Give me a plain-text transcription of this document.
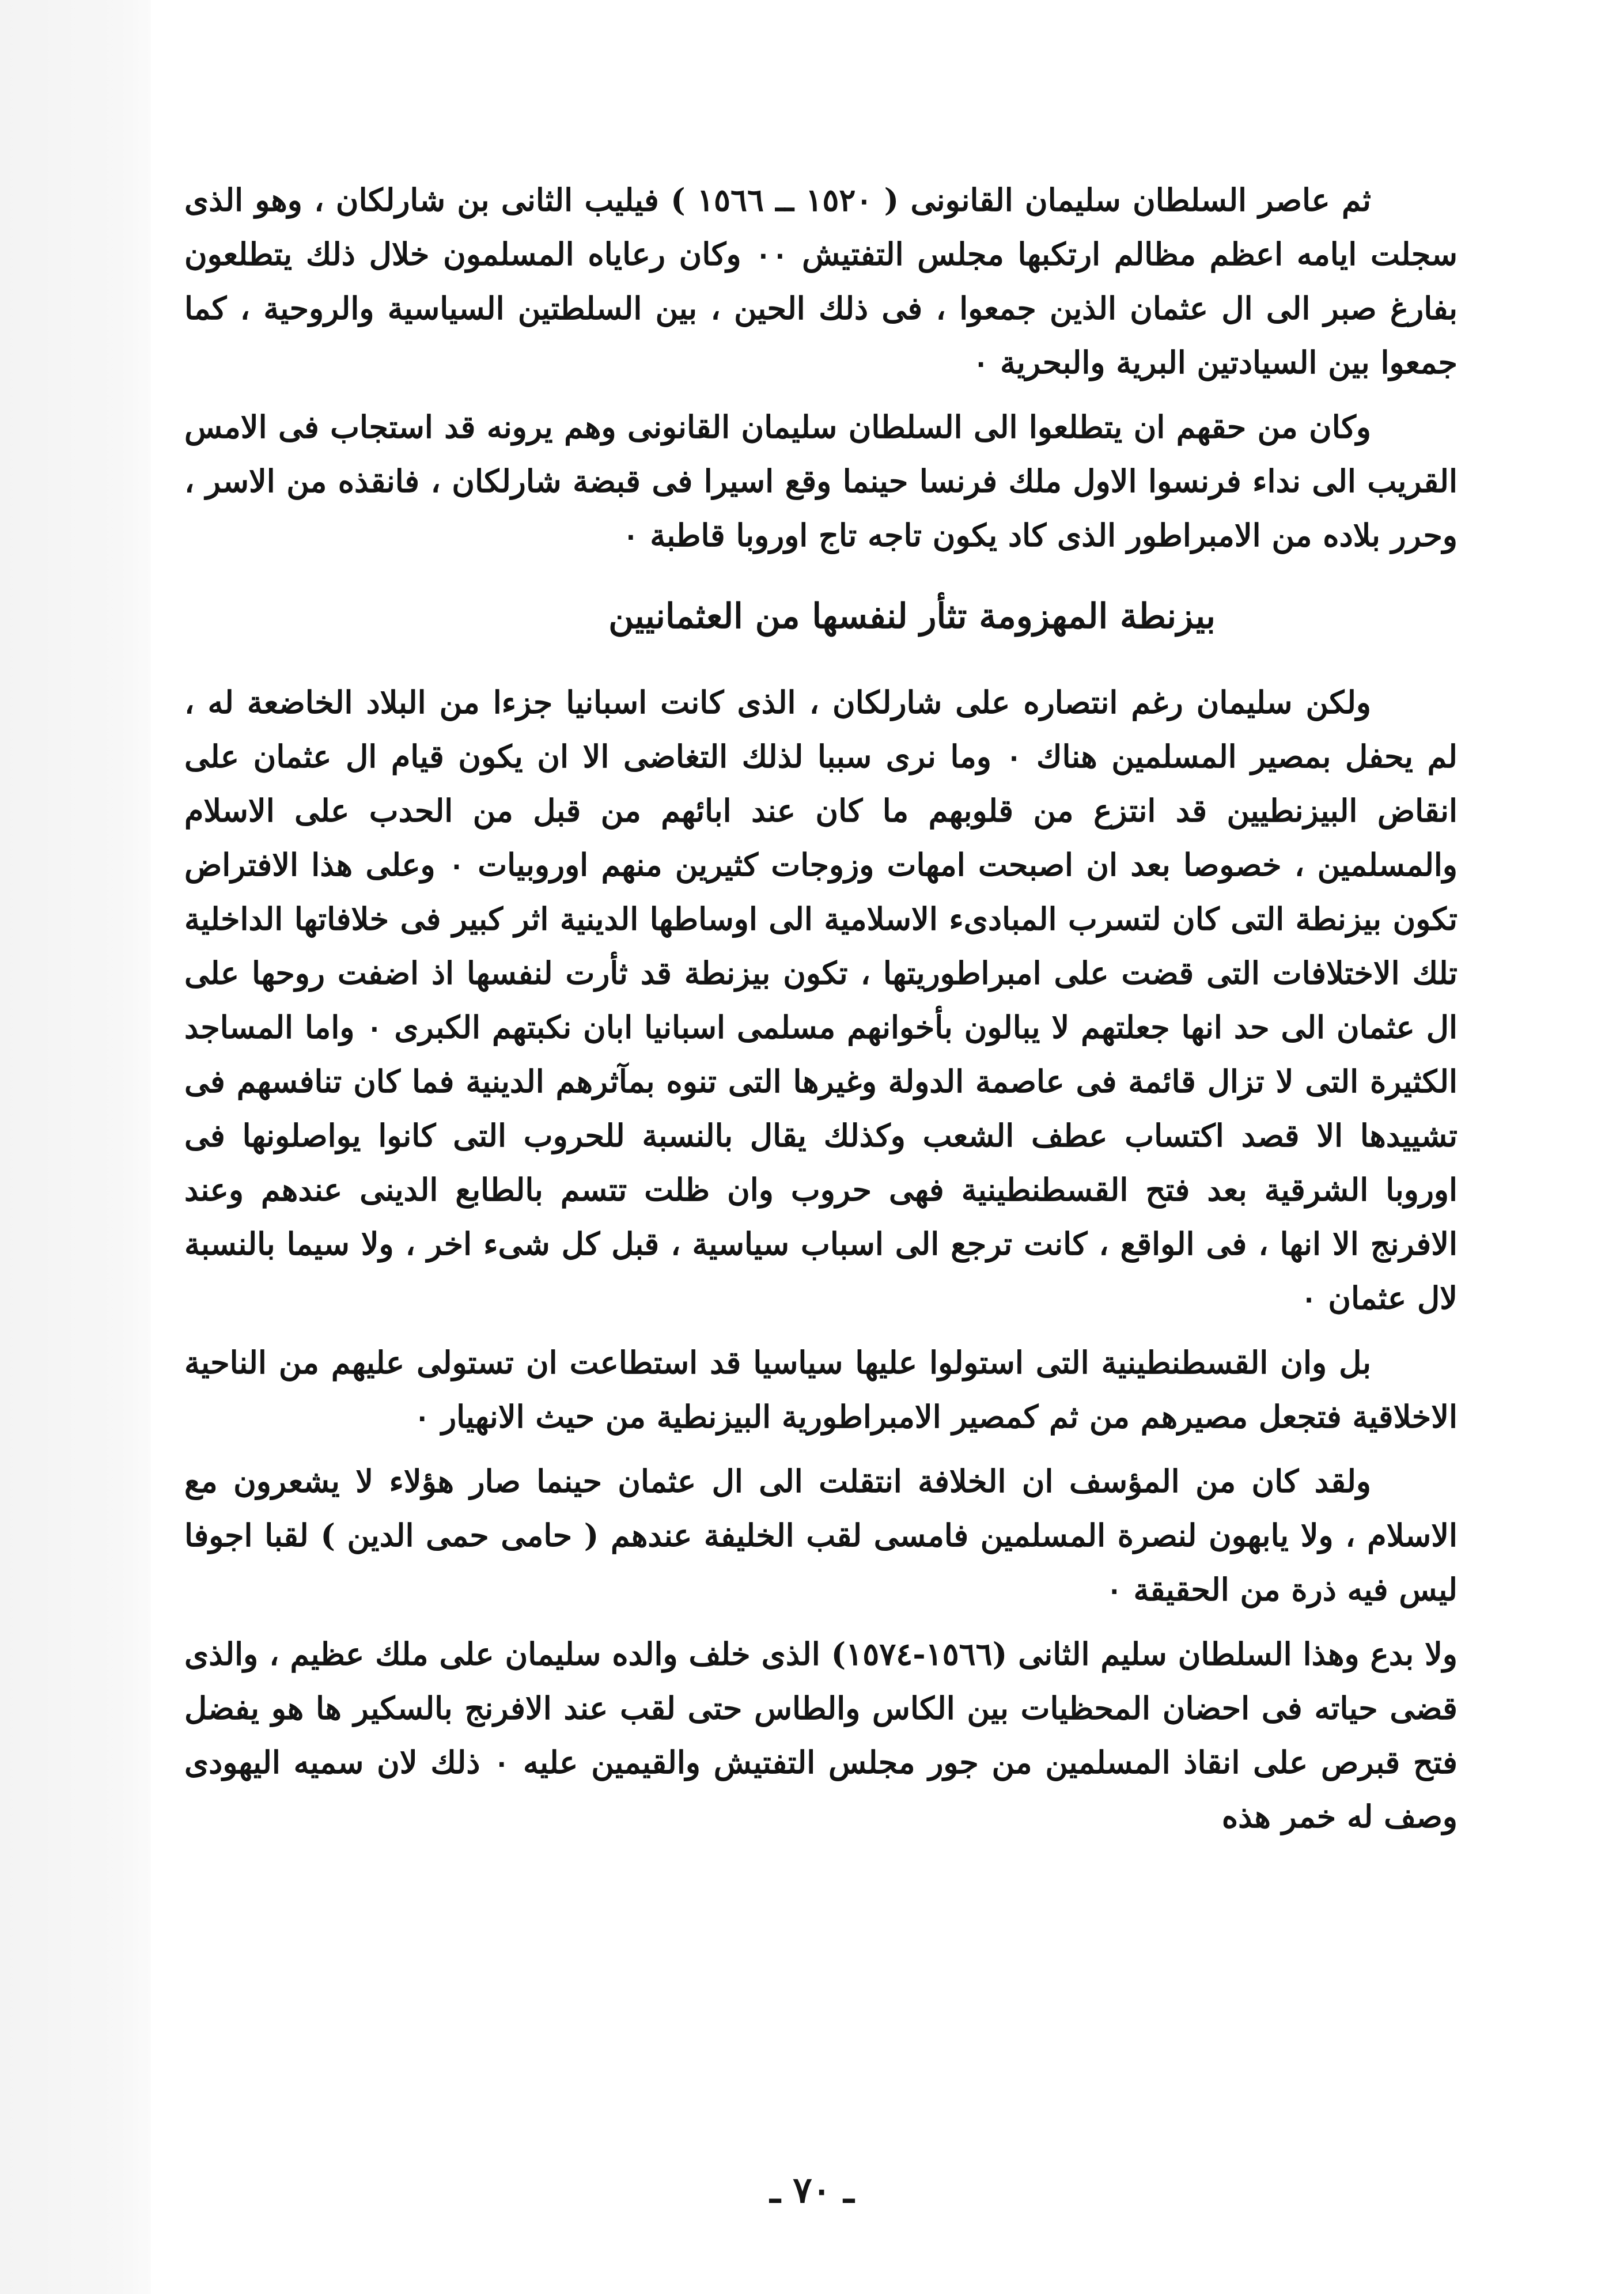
ثم عاصر السلطان سليمان القانونى ( ١٥٢٠ ــ ١٥٦٦ ) فيليب الثانى بن شارلكان ، وهو الذى سجلت ايامه اعظم مظالم ارتكبها مجلس التفتيش ٠٠ وكان رعاياه المسلمون خلال ذلك يتطلعون بفارغ صبر الى ال عثمان الذين جمعوا ، فى ذلك الحين ، بين السلطتين السياسية والروحية ، كما جمعوا بين السيادتين البرية والبحرية ٠

وكان من حقهم ان يتطلعوا الى السلطان سليمان القانونى وهم يرونه قد استجاب فى الامس القريب الى نداء فرنسوا الاول ملك فرنسا حينما وقع اسيرا فى قبضة شارلكان ، فانقذه من الاسر ، وحرر بلاده من الامبراطور الذى كاد يكون تاجه تاج اوروبا قاطبة ٠

بيزنطة المهزومة تثأر لنفسها من العثمانيين

ولكن سليمان رغم انتصاره على شارلكان ، الذى كانت اسبانيا جزءا من البلاد الخاضعة له ، لم يحفل بمصير المسلمين هناك ٠ وما نرى سببا لذلك التغاضى الا ان يكون قيام ال عثمان على انقاض البيزنطيين قد انتزع من قلوبهم ما كان عند ابائهم من قبل من الحدب على الاسلام والمسلمين ، خصوصا بعد ان اصبحت امهات وزوجات كثيرين منهم اوروبيات ٠ وعلى هذا الافتراض تكون بيزنطة التى كان لتسرب المبادىء الاسلامية الى اوساطها الدينية اثر كبير فى خلافاتها الداخلية تلك الاختلافات التى قضت على امبراطوريتها ، تكون بيزنطة قد ثأرت لنفسها اذ اضفت روحها على ال عثمان الى حد انها جعلتهم لا يبالون بأخوانهم مسلمى اسبانيا ابان نكبتهم الكبرى ٠ واما المساجد الكثيرة التى لا تزال قائمة فى عاصمة الدولة وغيرها التى تنوه بمآثرهم الدينية فما كان تنافسهم فى تشييدها الا قصد اكتساب عطف الشعب وكذلك يقال بالنسبة للحروب التى كانوا يواصلونها فى اوروبا الشرقية بعد فتح القسطنطينية فهى حروب وان ظلت تتسم بالطابع الدينى عندهم وعند الافرنج الا انها ، فى الواقع ، كانت ترجع الى اسباب سياسية ، قبل كل شىء اخر ، ولا سيما بالنسبة لال عثمان ٠

بل وان القسطنطينية التى استولوا عليها سياسيا قد استطاعت ان تستولى عليهم من الناحية الاخلاقية فتجعل مصيرهم من ثم كمصير الامبراطورية البيزنطية من حيث الانهيار ٠

ولقد كان من المؤسف ان الخلافة انتقلت الى ال عثمان حينما صار هؤلاء لا يشعرون مع الاسلام ، ولا يابهون لنصرة المسلمين فامسى لقب الخليفة عندهم ( حامى حمى الدين ) لقبا اجوفا ليس فيه ذرة من الحقيقة ٠

ولا بدع وهذا السلطان سليم الثانى (١٥٦٦-١٥٧٤) الذى خلف والده سليمان على ملك عظيم ، والذى قضى حياته فى احضان المحظيات بين الكاس والطاس حتى لقب عند الافرنج بالسكير ها هو يفضل فتح قبرص على انقاذ المسلمين من جور مجلس التفتيش والقيمين عليه ٠ ذلك لان سميه اليهودى وصف له خمر هذه

ـ ٧٠ ـ
